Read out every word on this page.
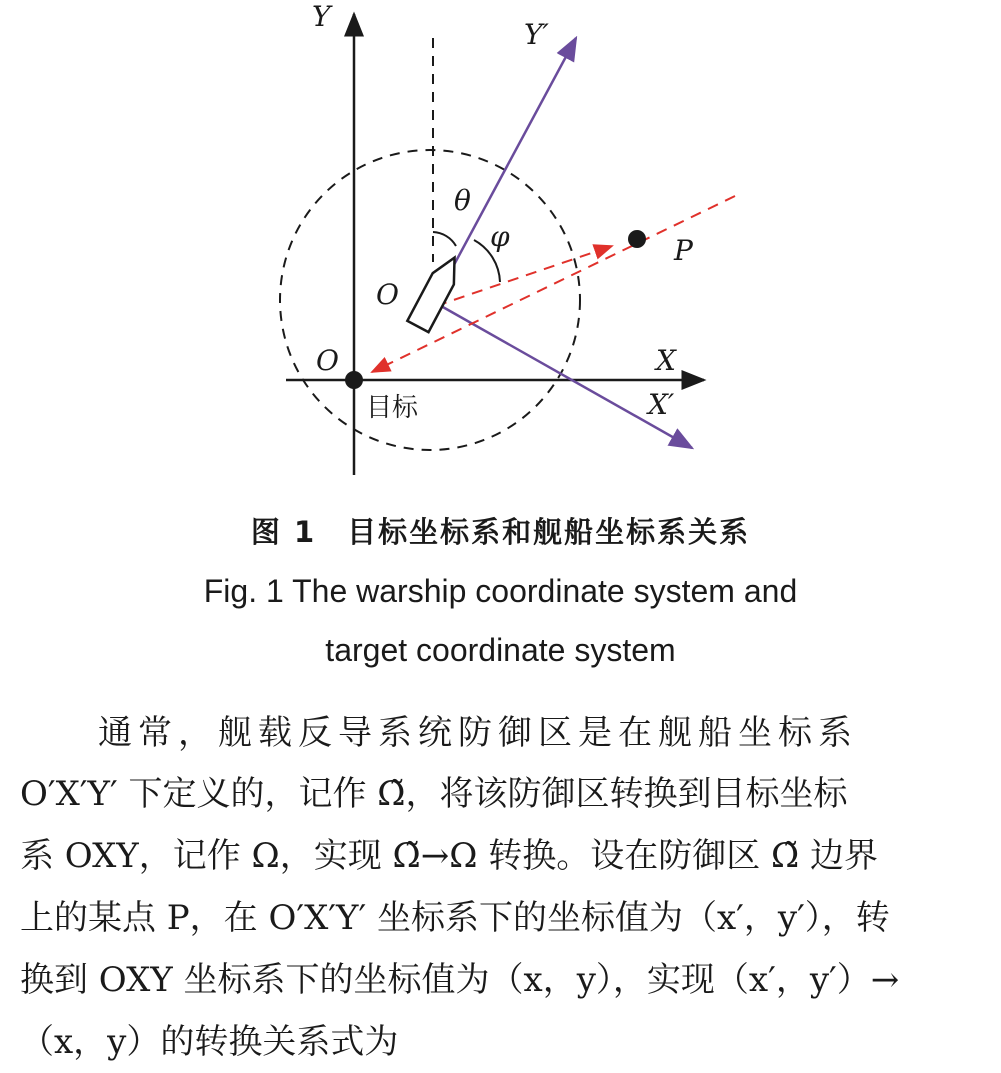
Y
Y′
θ
φ	P
O
O	X
X′
目标
图 1　目标坐标系和舰船坐标系关系
Fig. 1 The warship coordinate system and
target coordinate system
通常，舰载反导系统防御区是在舰船坐标系
O′X′Y′ 下定义的，记作 Ω̃，将该防御区转换到目标坐标
系 OXY，记作 Ω，实现 Ω̃→Ω 转换。设在防御区 Ω̃ 边界
上的某点 P，在 O′X′Y′ 坐标系下的坐标值为（x′，y′），转
换到 OXY 坐标系下的坐标值为（x，y），实现（x′，y′）→
（x，y）的转换关系式为
